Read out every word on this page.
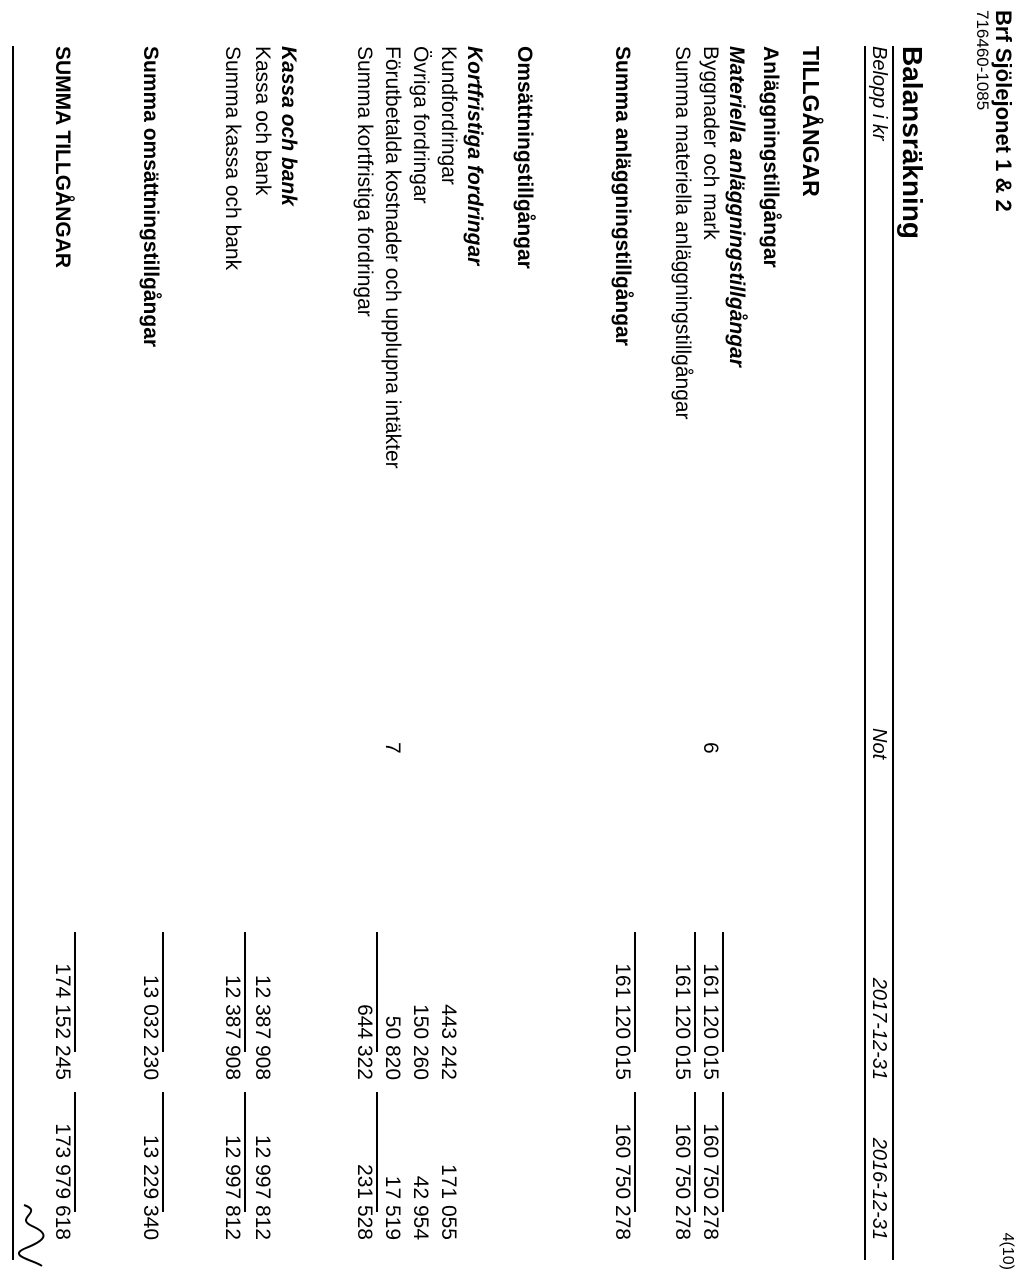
Brf Sjölejonet 1 & 2
716460-1085
4(10)
Balansräkning
Belopp i kr
Not
2017-12-31
2016-12-31
TILLGÅNGAR
Anläggningstillgångar
Materiella anläggningstillgångar
Byggnader och mark
6
161 120 015
160 750 278
Summa materiella anläggningstillgångar
161 120 015
160 750 278
Summa anläggningstillgångar
161 120 015
160 750 278
Omsättningstillgångar
Kortfristiga fordringar
Kundfordringar
443 242
171 055
Övriga fordringar
150 260
42 954
Förutbetalda kostnader och upplupna intäkter
7
50 820
17 519
Summa kortfristiga fordringar
644 322
231 528
Kassa och bank
Kassa och bank
12 387 908
12 997 812
Summa kassa och bank
12 387 908
12 997 812
Summa omsättningstillgångar
13 032 230
13 229 340
SUMMA TILLGÅNGAR
174 152 245
173 979 618
